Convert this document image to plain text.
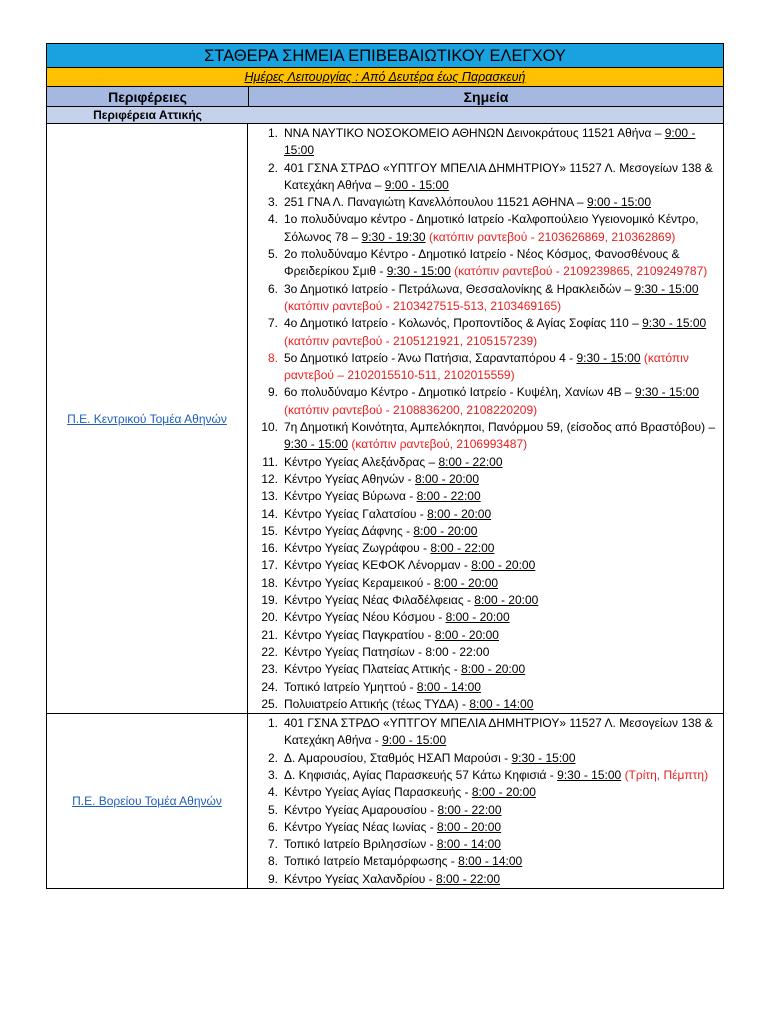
ΣΤΑΘΕΡΑ ΣΗΜΕΙΑ ΕΠΙΒΕΒΑΙΩΤΙΚΟΥ ΕΛΕΓΧΟΥ
Ημέρες Λειτουργίας : Από Δευτέρα έως Παρασκευή
Περιφέρειες	Σημεία
Περιφέρεια Αττικής
Π.Ε. Κεντρικού Τομέα Αθηνών
1. ΝΝΑ ΝΑΥΤΙΚΟ ΝΟΣΟΚΟΜΕΙΟ ΑΘΗΝΩΝ Δεινοκράτους 11521 Αθήνα – 9:00 - 15:00
2. 401 ΓΣΝΑ ΣΤΡΔΟ «ΥΠΤΓΟΥ ΜΠΕΛΙΑ ΔΗΜΗΤΡΙΟΥ» 11527 Λ. Μεσογείων 138 & Κατεχάκη Αθήνα – 9:00 - 15:00
3. 251 ΓΝΑ Λ. Παναγιώτη Κανελλόπουλου 11521 ΑΘΗΝΑ – 9:00 - 15:00
4. 1ο πολυδύναμο κέντρο - Δημοτικό Ιατρείο -Καλφοπούλειο Υγειονομικό Κέντρο, Σόλωνος 78 – 9:30 - 19:30 (κατόπιν ραντεβού - 2103626869, 210362869)
5. 2ο πολυδύναμο Κέντρο - Δημοτικό Ιατρείο - Νέος Κόσμος, Φανοσθένους & Φρειδερίκου Σμιθ - 9:30 - 15:00 (κατόπιν ραντεβού - 2109239865, 2109249787)
6. 3ο Δημοτικό Ιατρείο - Πετράλωνα, Θεσσαλονίκης & Ηρακλειδών – 9:30 - 15:00 (κατόπιν ραντεβού - 2103427515-513, 2103469165)
7. 4ο Δημοτικό Ιατρείο - Κολωνός, Προποντίδος & Αγίας Σοφίας 110 – 9:30 - 15:00 (κατόπιν ραντεβού - 2105121921, 2105157239)
8. 5ο Δημοτικό Ιατρείο - Άνω Πατήσια, Σαρανταπόρου 4 - 9:30 - 15:00 (κατόπιν ραντεβού – 2102015510-511, 2102015559)
9. 6ο πολυδύναμο Κέντρο - Δημοτικό Ιατρείο - Κυψέλη, Χανίων 4Β – 9:30 - 15:00 (κατόπιν ραντεβού - 2108836200, 2108220209)
10. 7η Δημοτική Κοινότητα, Αμπελόκηποι, Πανόρμου 59, (είσοδος από Βραστόβου) – 9:30 - 15:00 (κατόπιν ραντεβού, 2106993487)
11. Κέντρο Υγείας Αλεξάνδρας – 8:00 - 22:00
12. Κέντρο Υγείας Αθηνών - 8:00 - 20:00
13. Κέντρο Υγείας Βύρωνα - 8:00 - 22:00
14. Κέντρο Υγείας Γαλατσίου - 8:00 - 20:00
15. Κέντρο Υγείας Δάφνης - 8:00 - 20:00
16. Κέντρο Υγείας Ζωγράφου - 8:00 - 22:00
17. Κέντρο Υγείας ΚΕΦΟΚ Λένορμαν - 8:00 - 20:00
18. Κέντρο Υγείας Κεραμεικού - 8:00 - 20:00
19. Κέντρο Υγείας Νέας Φιλαδέλφειας - 8:00 - 20:00
20. Κέντρο Υγείας Νέου Κόσμου - 8:00 - 20:00
21. Κέντρο Υγείας Παγκρατίου - 8:00 - 20:00
22. Κέντρο Υγείας Πατησίων - 8:00 - 22:00
23. Κέντρο Υγείας Πλατείας Αττικής - 8:00 - 20:00
24. Τοπικό Ιατρείο Υμηττού - 8:00 - 14:00
25. Πολυιατρείο Αττικής (τέως ΤΥΔΑ) - 8:00 - 14:00
Π.Ε. Βορείου Τομέα Αθηνών
1. 401 ΓΣΝΑ ΣΤΡΔΟ «ΥΠΤΓΟΥ ΜΠΕΛΙΑ ΔΗΜΗΤΡΙΟΥ» 11527 Λ. Μεσογείων 138 & Κατεχάκη Αθήνα - 9:00 - 15:00
2. Δ. Αμαρουσίου, Σταθμός ΗΣΑΠ Μαρούσι - 9:30 - 15:00
3. Δ. Κηφισιάς, Αγίας Παρασκευής 57 Κάτω Κηφισιά - 9:30 - 15:00 (Τρίτη, Πέμπτη)
4. Κέντρο Υγείας Αγίας Παρασκευής - 8:00 - 20:00
5. Κέντρο Υγείας Αμαρουσίου - 8:00 - 22:00
6. Κέντρο Υγείας Νέας Ιωνίας - 8:00 - 20:00
7. Τοπικό Ιατρείο Βριλησσίων - 8:00 - 14:00
8. Τοπικό Ιατρείο Μεταμόρφωσης - 8:00 - 14:00
9. Κέντρο Υγείας Χαλανδρίου - 8:00 - 22:00
